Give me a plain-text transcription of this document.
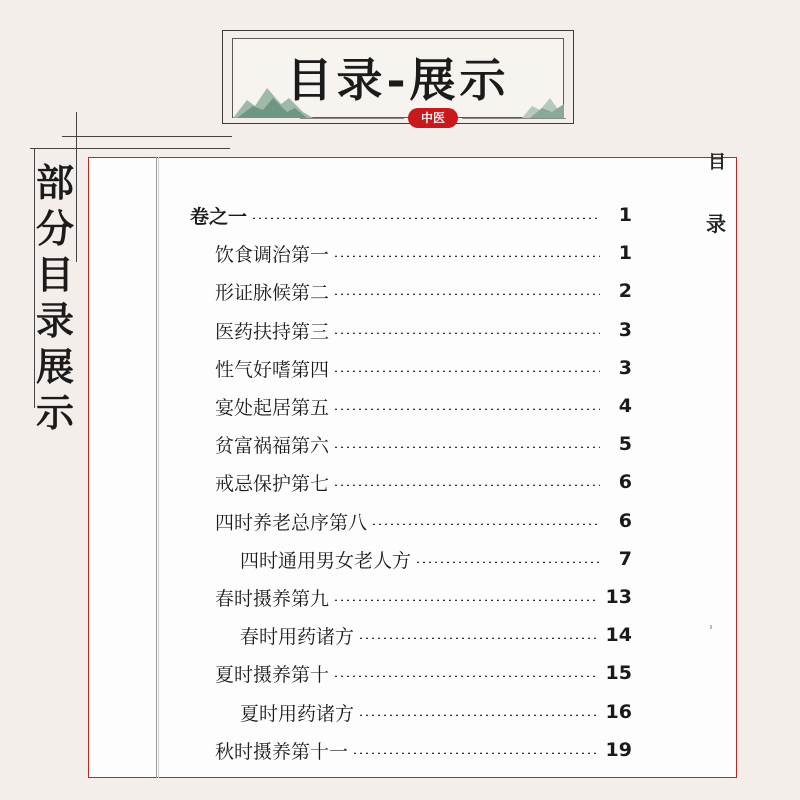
目录-展示
中医
部
分
目
录
展
示
目
录
卷之一	1
饮食调治第一	1
形证脉候第二	2
医药扶持第三	3
性气好嗜第四	3
宴处起居第五	4
贫富祸福第六	5
戒忌保护第七	6
四时养老总序第八	6
四时通用男女老人方	7
春时摄养第九	13
春时用药诸方	14
夏时摄养第十	15
夏时用药诸方	16
秋时摄养第十一	19
